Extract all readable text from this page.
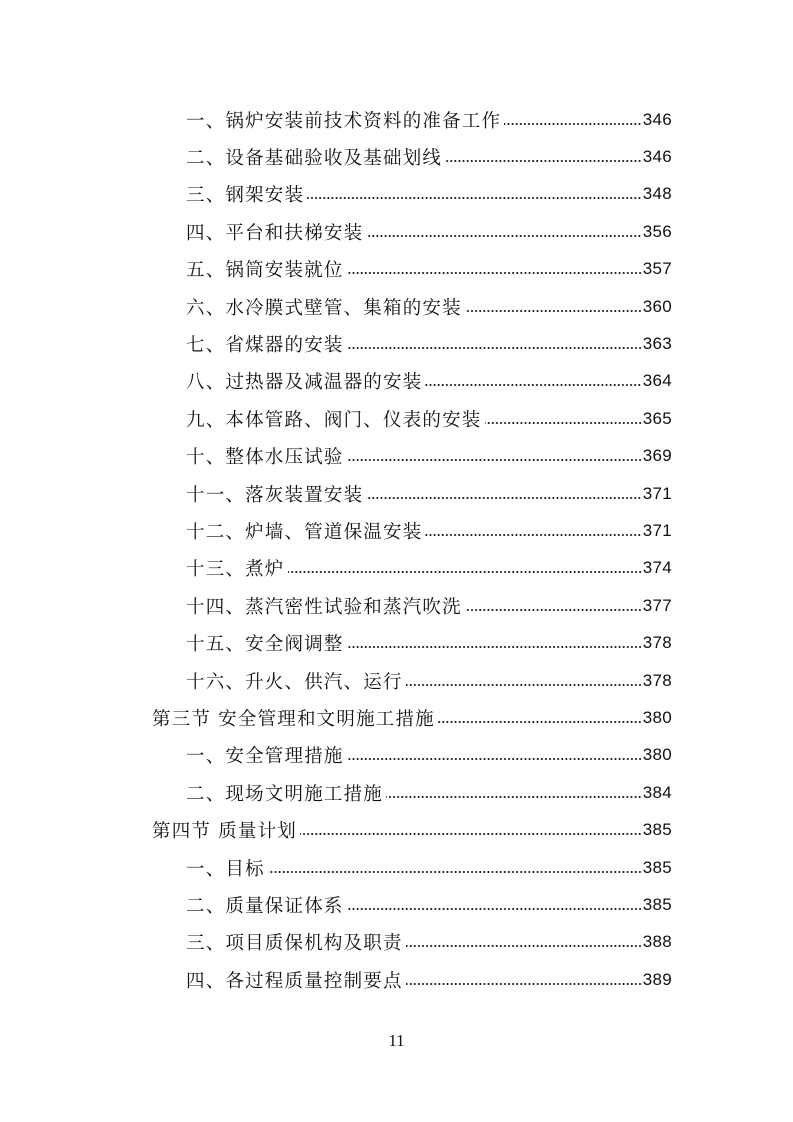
一、锅炉安装前技术资料的准备工作	346
二、设备基础验收及基础划线	346
三、钢架安装	348
四、平台和扶梯安装	356
五、锅筒安装就位	357
六、水冷膜式壁管、集箱的安装	360
七、省煤器的安装	363
八、过热器及减温器的安装	364
九、本体管路、阀门、仪表的安装	365
十、整体水压试验	369
十一、落灰装置安装	371
十二、炉墙、管道保温安装	371
十三、煮炉	374
十四、蒸汽密性试验和蒸汽吹洗	377
十五、安全阀调整	378
十六、升火、供汽、运行	378
第三节 安全管理和文明施工措施	380
一、安全管理措施	380
二、现场文明施工措施	384
第四节 质量计划	385
一、目标	385
二、质量保证体系	385
三、项目质保机构及职责	388
四、各过程质量控制要点	389
11
